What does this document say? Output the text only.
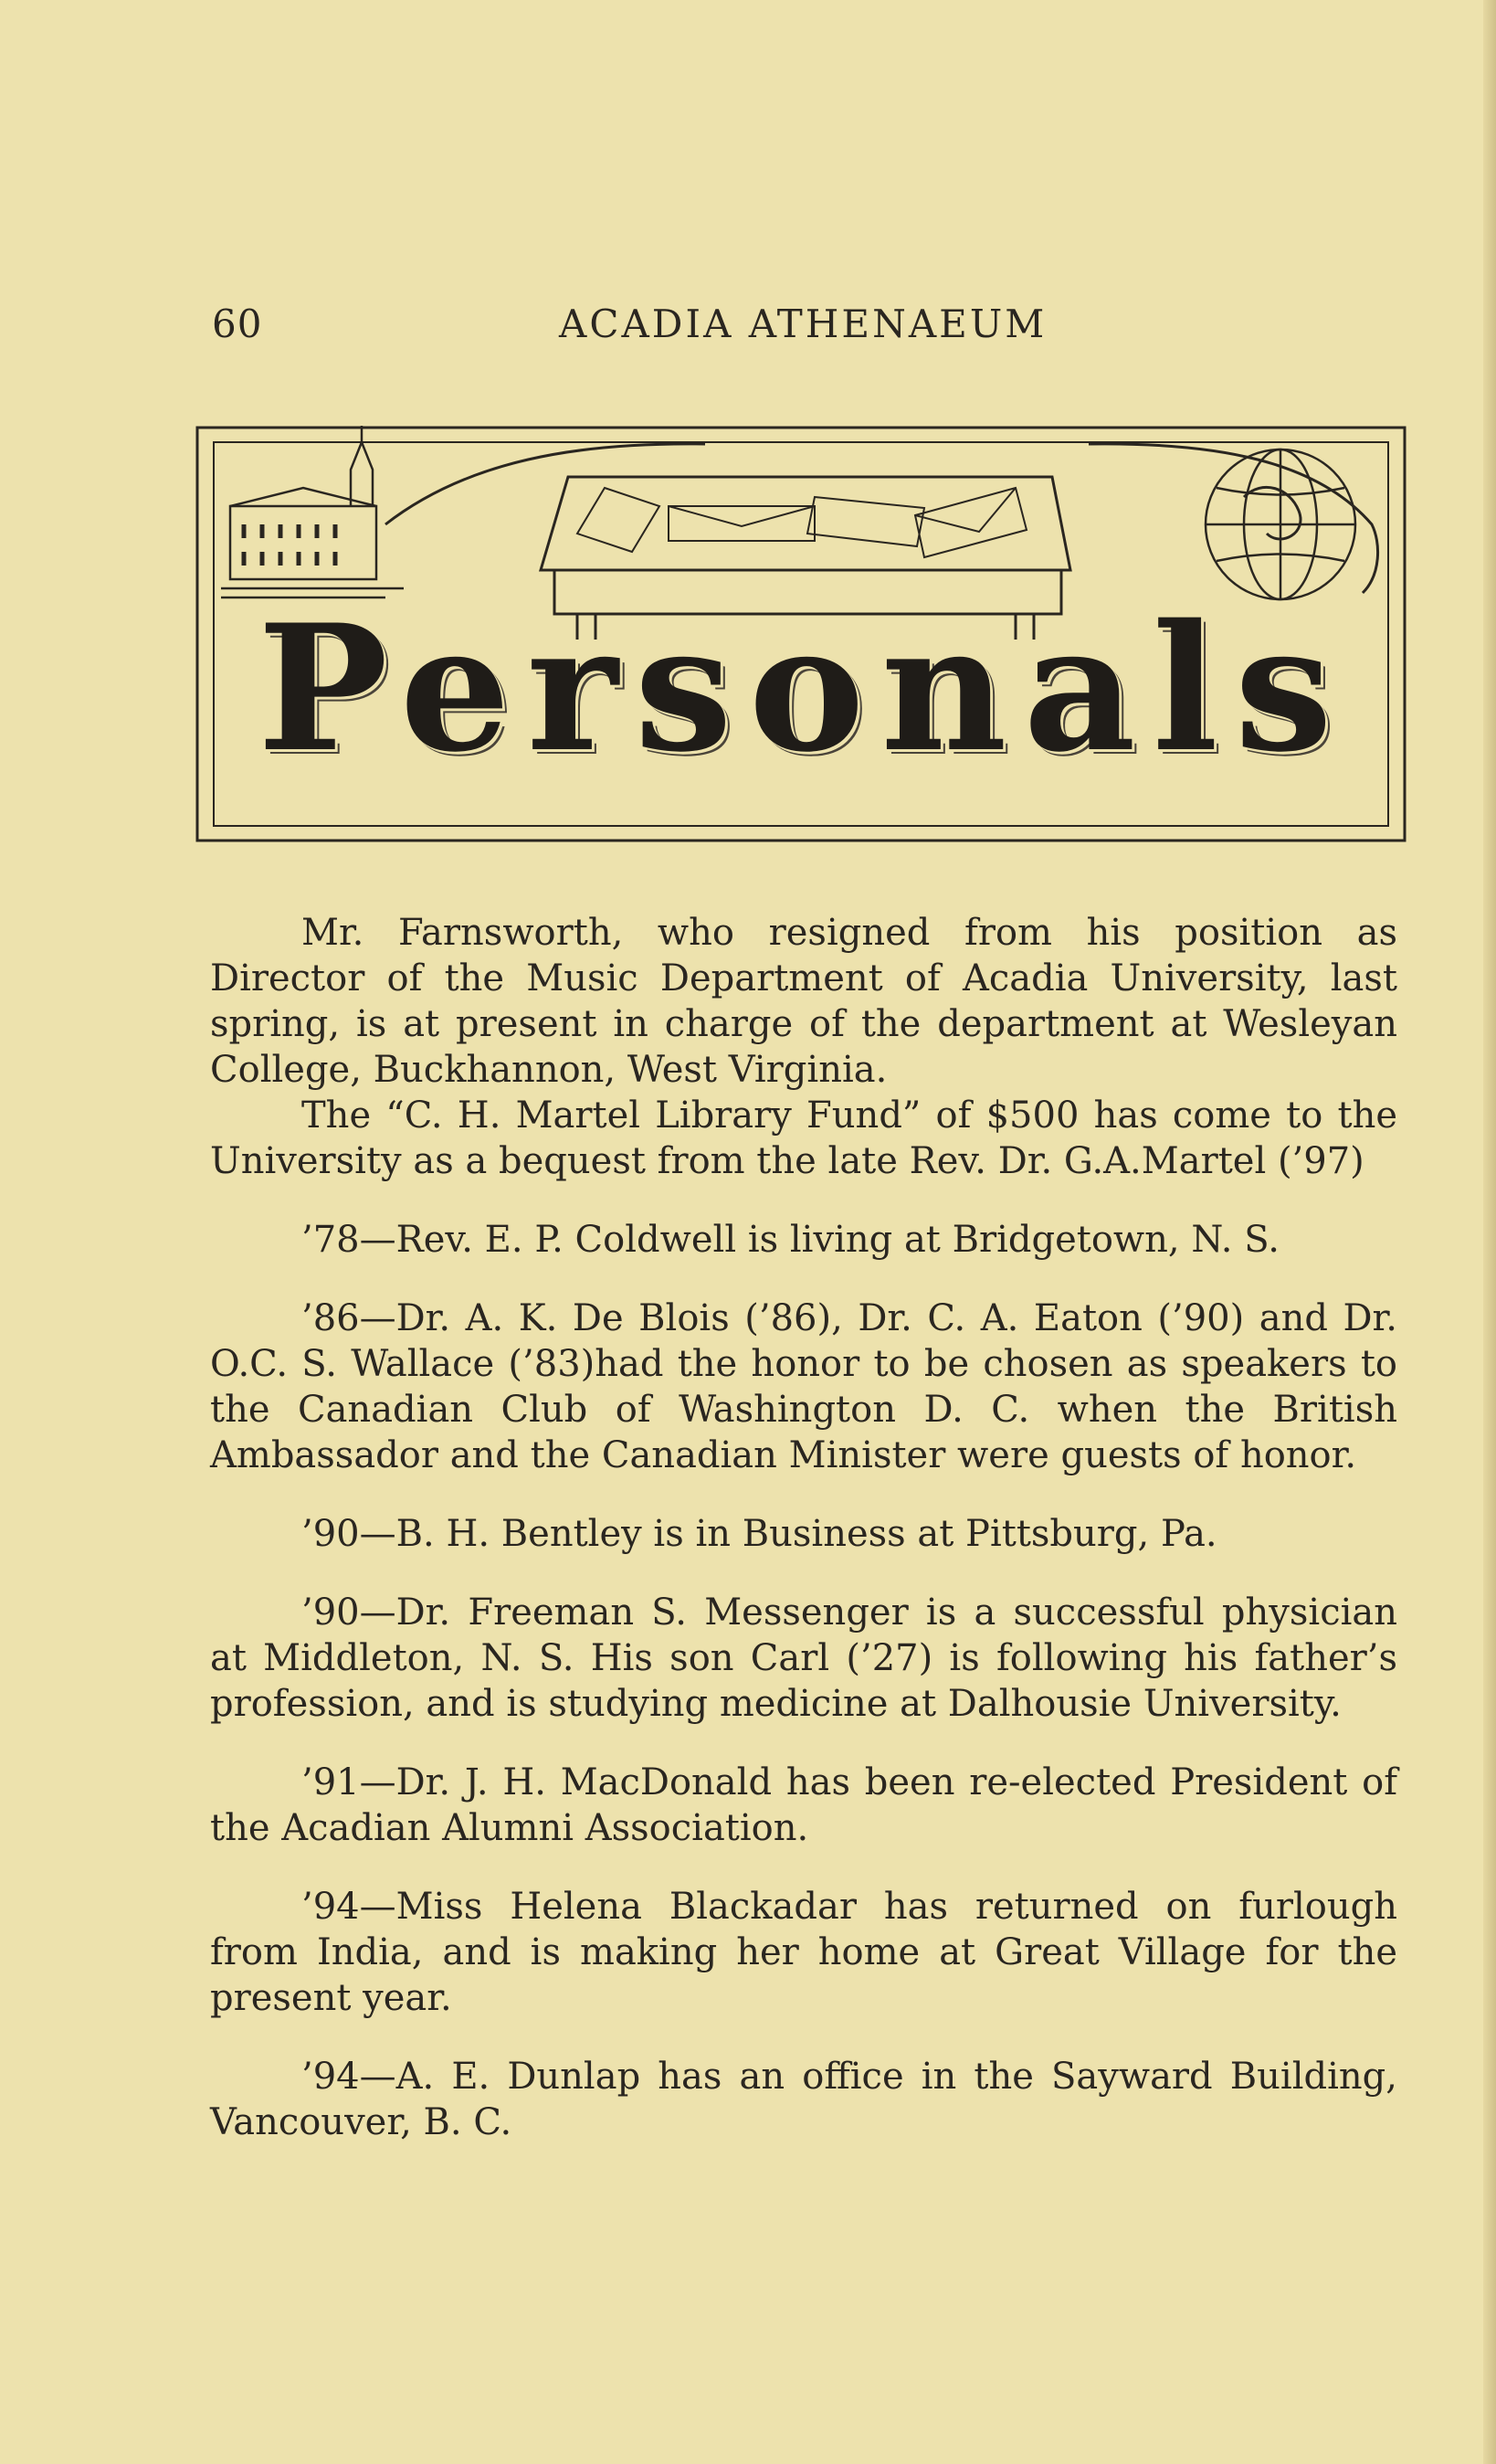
60	ACADIA ATHENAEUM
Personals

Mr. Farnsworth, who resigned from his position as Director of the Music Department of Acadia University, last spring, is at present in charge of the department at Wesleyan College, Buckhannon, West Virginia.

The “C. H. Martel Library Fund” of $500 has come to the University as a bequest from the late Rev. Dr. G.A.Martel (’97)

’78—Rev. E. P. Coldwell is living at Bridgetown, N. S.

’86—Dr. A. K. De Blois (’86), Dr. C. A. Eaton (’90) and Dr. O.C. S. Wallace (’83)had the honor to be chosen as speakers to the Canadian Club of Washington D. C. when the British Ambassador and the Canadian Minister were guests of honor.

’90—B. H. Bentley is in Business at Pittsburg, Pa.

’90—Dr. Freeman S. Messenger is a successful physician at Middleton, N. S. His son Carl (’27) is following his father’s profession, and is studying medicine at Dalhousie University.

’91—Dr. J. H. MacDonald has been re-elected President of the Acadian Alumni Association.

’94—Miss Helena Blackadar has returned on furlough from India, and is making her home at Great Village for the present year.

’94—A. E. Dunlap has an office in the Sayward Building, Vancouver, B. C.
